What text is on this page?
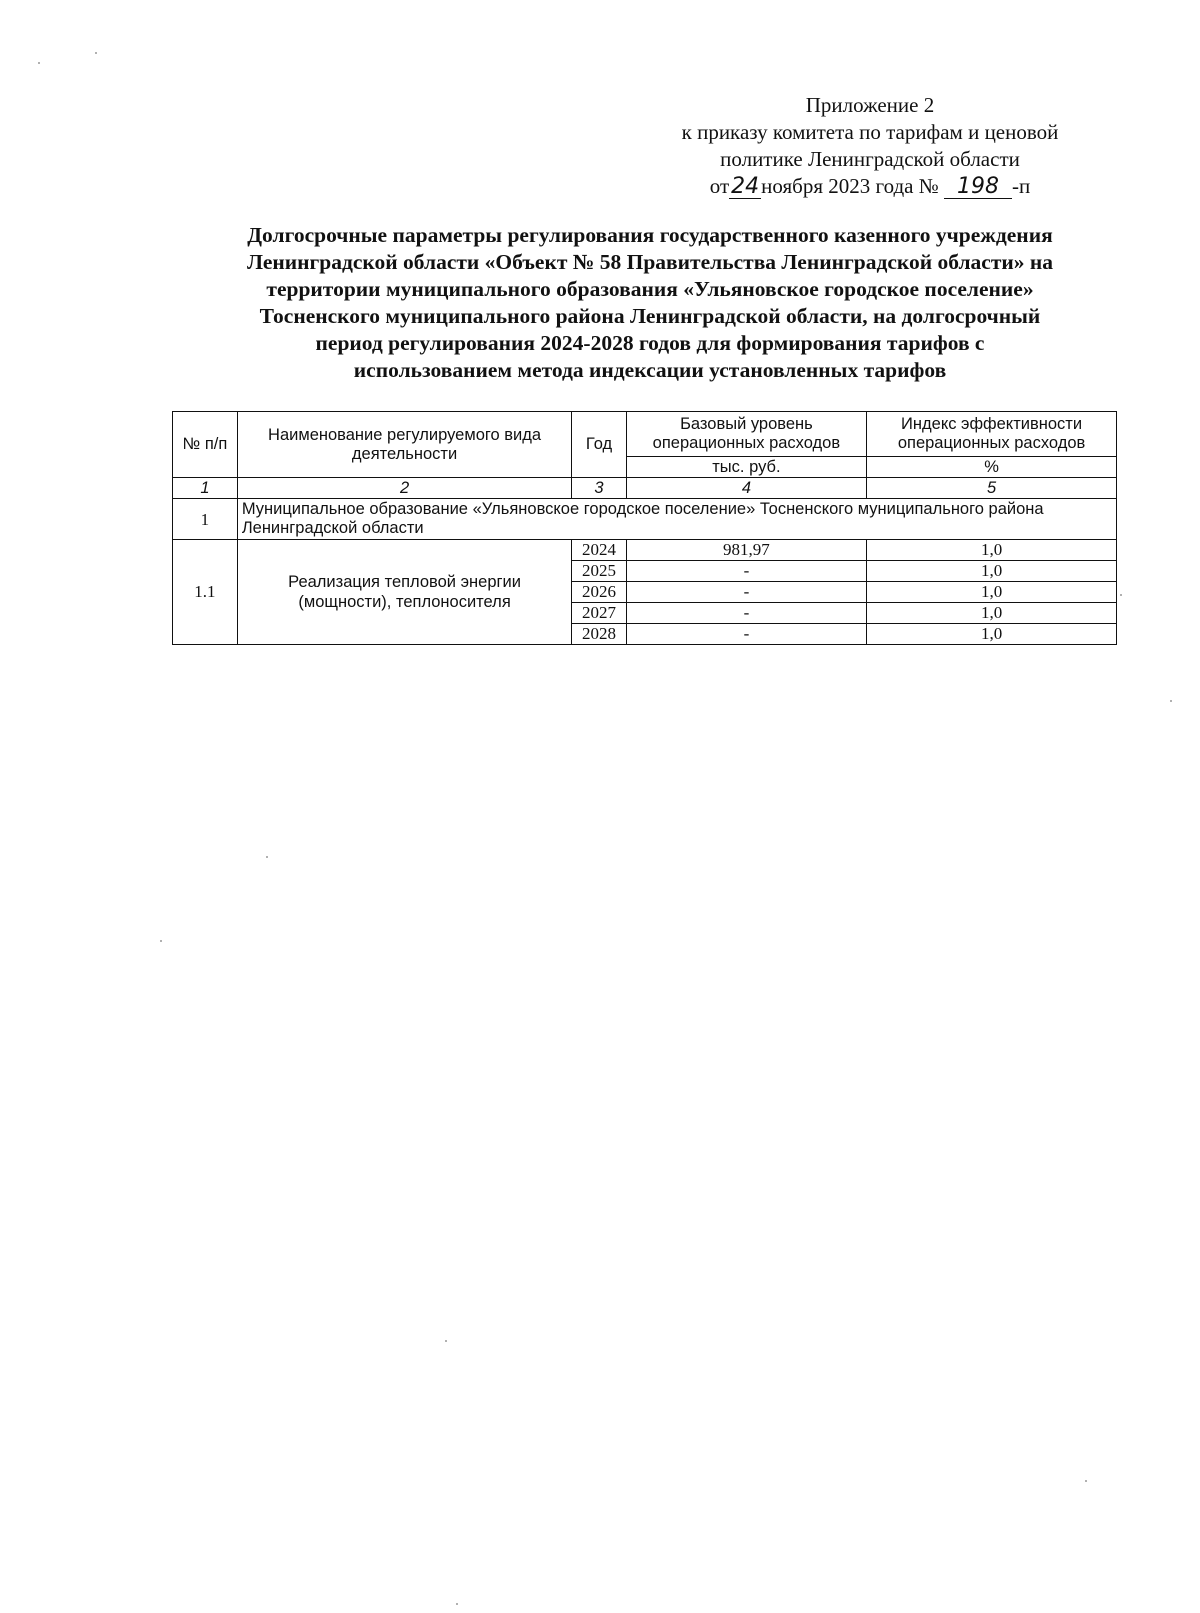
Приложение 2
к приказу комитета по тарифам и ценовой
политике Ленинградской области
от24ноября 2023 года № 198 -п
Долгосрочные параметры регулирования государственного казенного учреждения
Ленинградской области «Объект № 58 Правительства Ленинградской области» на
территории муниципального образования «Ульяновское городское поселение»
Тосненского муниципального района Ленинградской области, на долгосрочный
период регулирования 2024-2028 годов для формирования тарифов с
использованием метода индексации установленных тарифов
№ п/п	Наименование регулируемого вида деятельности	Год	Базовый уровень операционных расходов	Индекс эффективности операционных расходов
			тыс. руб.	%
1	2	3	4	5
1	Муниципальное образование «Ульяновское городское поселение» Тосненского муниципального района Ленинградской области			
1.1	Реализация тепловой энергии (мощности), теплоносителя	2024	981,97	1,0
		2025	-	1,0
		2026	-	1,0
		2027	-	1,0
		2028	-	1,0
